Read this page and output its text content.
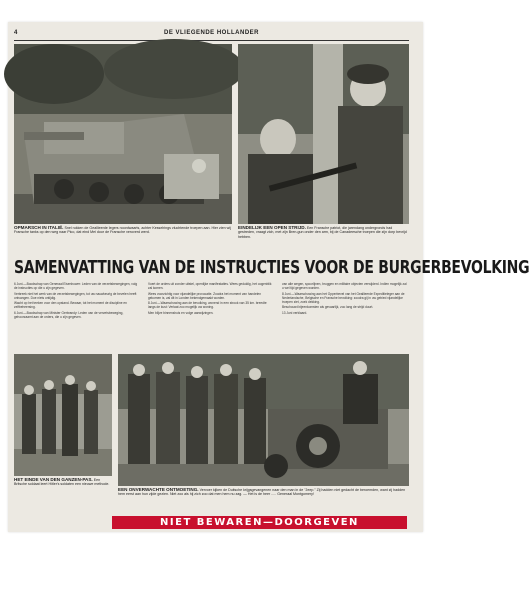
4	DE VLIEGENDE HOLLANDER
OPMARSCH IN ITALIË. Snel rukken de Geallieerde legers noordwaarts, achter Kesselrings vluchtende troepen aan. Hier zien wij Fransche tanks op den weg naar Pico, dat eind Mei door de Fransche veroverd werd.
EINDELIJK EEN OPEN STRIJD. Een Fransche patriot, die jarendang ondergronds had gestreden, vraagt zich, met zijn Bren-gun onder den arm, bij de Canadeesche troepen die zijn dorp bevrijd hebben.
SAMENVATTING VAN DE INSTRUCTIES VOOR DE BURGERBEVOLKING

6 Juni.—Boodschap van Generaal Eisenhower: Leden van de verzetsbewegingen, volg de instructies op die u zijn gegeven.

Verbreek niet het werk van de verzetsbewegingen, tot uw nauwkeurig de bevelen heeft ontvangen. Doe niets ontijdig.

Wacht op het teeken voor den opstand. Bewaar, tot het moment de discipline en zelfbeheersing.

6 Juni.—Boodschap van Minister Gerbrandy: Leden van de verzetsbeweging, gehoorzaamt aan de orders, die u zijn gegeven.

Voert de orders uit zonder uitstel, openlijke manifestaties. Wees geduldig, het oogenblik zal komen.

Wees voorzichtig voor vijandelijke provocatie. Zoodra het moment van handelen gekomen is, zal dit in Londen bekendgemaakt worden.

8 Juni.—Waarschuwing aan de bevolking, wonend in een strook van 35 km. breedte langs de kust: Verlaat zoo mogelijk uw woning.

Men blijve binnenshuis en volge aanwijzingen.

van alle wegen, spoorlijnen, bruggen en militaire objecten verwijderd. Indien mogelijk zal u wel tijd gegeven worden.

8 Juni.—Waarschuwing aan het Opperbevel van het Geallieerde Expeditieleger aan de Nederlandsche, Belgische en Fransche bevolking: zoodra gij in uw gebied vijandelijke troepen ziet, zoek dekking.

Beschouwt bijeenkomsten als gevaarlijk, zoo lang de strijd duurt.

13 Juni verklaard.

HET EINDE VAN DEN GANZEN-PAS. Een Britsche soldaat leert Hitler's soldaten een nieuwe methode.
EEN ONVERWACHTE ONTMOETING. Vervoer kijken de Duitsche krijgsgevangenen naar den man in de "Jeep." Zij hadden niet gedacht de beroemden, want zij hadden hem eerst aan hun zijde gezien. Niet zoo als hij zich zoo dat men hem nu zag. — Het is de heer ..... Generaal Montgomery!
NIET BEWAREN—DOORGEVEN
